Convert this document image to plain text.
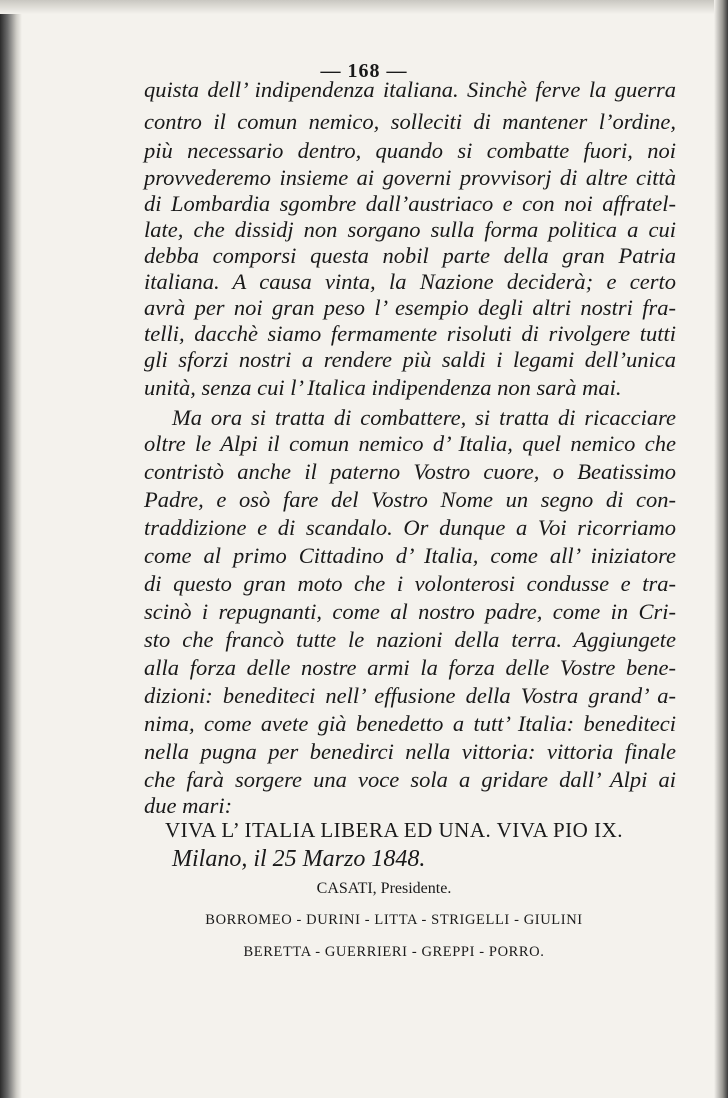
— 168 —
quista dell’ indipendenza italiana. Sinchè ferve la guerra
contro il comun nemico, solleciti di mantener l’ordine,
più necessario dentro, quando si combatte fuori, noi
provvederemo insieme ai governi provvisorj di altre città
di Lombardia sgombre dall’austriaco e con noi affratel-
late, che dissidj non sorgano sulla forma politica a cui
debba comporsi questa nobil parte della gran Patria
italiana. A causa vinta, la Nazione deciderà; e certo
avrà per noi gran peso l’ esempio degli altri nostri fra-
telli, dacchè siamo fermamente risoluti di rivolgere tutti
gli sforzi nostri a rendere più saldi i legami dell’unica
unità, senza cui l’ Italica indipendenza non sarà mai.
Ma ora si tratta di combattere, si tratta di ricacciare
oltre le Alpi il comun nemico d’ Italia, quel nemico che
contristò anche il paterno Vostro cuore, o Beatissimo
Padre, e osò fare del Vostro Nome un segno di con-
traddizione e di scandalo. Or dunque a Voi ricorriamo
come al primo Cittadino d’ Italia, come all’ iniziatore
di questo gran moto che i volonterosi condusse e tra-
scinò i repugnanti, come al nostro padre, come in Cri-
sto che francò tutte le nazioni della terra. Aggiungete
alla forza delle nostre armi la forza delle Vostre bene-
dizioni: benediteci nell’ effusione della Vostra grand’ a-
nima, come avete già benedetto a tutt’ Italia: benediteci
nella pugna per benedirci nella vittoria: vittoria finale
che farà sorgere una voce sola a gridare dall’ Alpi ai
due mari:
VIVA L’ ITALIA LIBERA ED UNA. VIVA PIO IX.
Milano, il 25 Marzo 1848.
CASATI, Presidente.
BORROMEO - DURINI - LITTA - STRIGELLI - GIULINI
BERETTA - GUERRIERI - GREPPI - PORRO.
